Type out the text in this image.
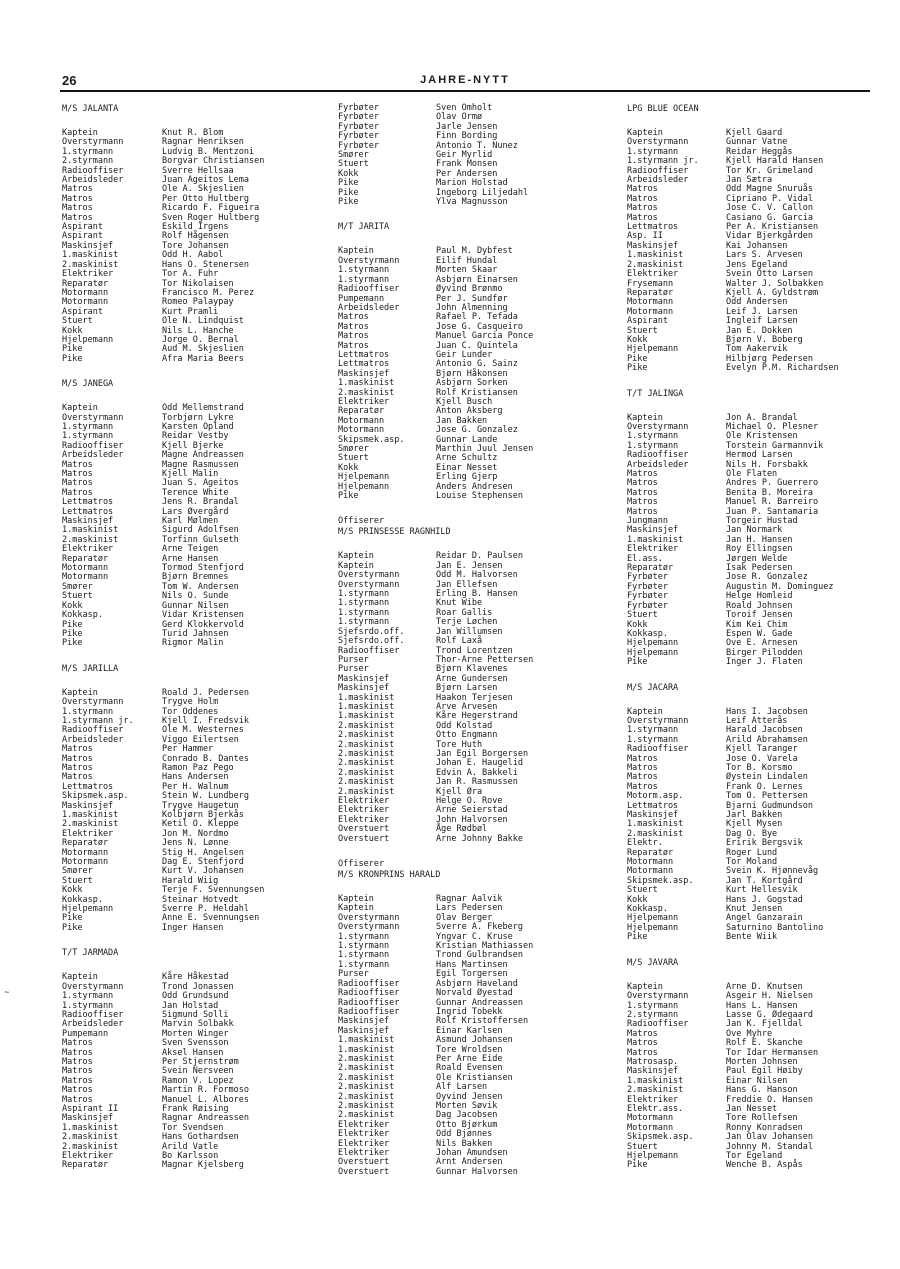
26	JAHRE-NYTT
~
M/S JALANTA
Kaptein	Knut R. Blom
Overstyrmann	Ragnar Henriksen
1.styrmann	Ludvig B. Mentzoni
2.styrmann	Borgvar Christiansen
Radiooffiser	Sverre Hellsaa
Arbeidsleder	Juan Ageitos Lema
Matros	Ole A. Skjeslien
Matros	Per Otto Hultberg
Matros	Ricardo F. Figueira
Matros	Sven Roger Hultberg
Aspirant	Eskild Irgens
Aspirant	Rolf Hågensen
Maskinsjef	Tore Johansen
1.maskinist	Odd H. Aabol
2.maskinist	Hans O. Stenersen
Elektriker	Tor A. Fuhr
Reparatør	Tor Nikolaisen
Motormann	Francisco M. Perez
Motormann	Romeo Palaypay
Aspirant	Kurt Pramli
Stuert	Ole N. Lindquist
Kokk	Nils L. Hanche
Hjelpemann	Jorge O. Bernal
Pike	Aud M. Skjeslien
Pike	Afra Maria Beers
M/S JANEGA
Kaptein	Odd Mellemstrand
Overstyrmann	Torbjørn Lykre
1.styrmann	Karsten Opland
1.styrmann	Reidar Vestby
Radiooffiser	Kjell Bjerke
Arbeidsleder	Magne Andreassen
Matros	Magne Rasmussen
Matros	Kjell Malin
Matros	Juan S. Ageitos
Matros	Terence White
Lettmatros	Jens R. Brandal
Lettmatros	Lars Øvergård
Maskinsjef	Karl Mølmen
1.maskinist	Sigurd Adolfsen
2.maskinist	Torfinn Gulseth
Elektriker	Arne Teigen
Reparatør	Arne Hansen
Motormann	Tormod Stenfjord
Motormann	Bjørn Bremnes
Smører	Tom W. Andersen
Stuert	Nils O. Sunde
Kokk	Gunnar Nilsen
Kokkasp.	Vidar Kristensen
Pike	Gerd Klokkervold
Pike	Turid Jahnsen
Pike	Rigmor Malin
M/S JARILLA
Kaptein	Roald J. Pedersen
Overstyrmann	Trygve Holm
1.styrmann	Tor Oddenes
1.styrmann jr.	Kjell I. Fredsvik
Radiooffiser	Ole M. Westernes
Arbeidsleder	Viggo Eilertsen
Matros	Per Hammer
Matros	Conrado B. Dantes
Matros	Ramon Paz Pego
Matros	Hans Andersen
Lettmatros	Per H. Walnum
Skipsmek.asp.	Stein W. Lundberg
Maskinsjef	Trygve Haugetun
1.maskinist	Kolbjørn Bjerkås
2.maskinist	Ketil O. Kleppe
Elektriker	Jon M. Nordmo
Reparatør	Jens N. Lønne
Motormann	Stig H. Angelsen
Motormann	Dag E. Stenfjord
Smører	Kurt V. Johansen
Stuert	Harald Wiig
Kokk	Terje F. Svennungsen
Kokkasp.	Steinar Hotvedt
Hjelpemann	Sverre P. Heldahl
Pike	Anne E. Svennungsen
Pike	Inger Hansen
T/T JARMADA
Kaptein	Kåre Håkestad
Overstyrmann	Trond Jonassen
1.styrmann	Odd Grundsund
1.styrmann	Jan Holstad
Radiooffiser	Sigmund Solli
Arbeidsleder	Marvin Solbakk
Pumpemann	Morten Winger
Matros	Sven Svensson
Matros	Aksel Hansen
Matros	Per Stjernstrøm
Matros	Svein Nersveen
Matros	Ramon V. Lopez
Matros	Martin R. Formoso
Matros	Manuel L. Albores
Aspirant II	Frank Røising
Maskinsjef	Ragnar Andreassen
1.maskinist	Tor Svendsen
2.maskinist	Hans Gothardsen
2.maskinist	Arild Vatle
Elektriker	Bo Karlsson
Reparatør	Magnar Kjelsberg
Fyrbøter	Sven Omholt
Fyrbøter	Olav Ormø
Fyrbøter	Jarle Jensen
Fyrbøter	Finn Bording
Fyrbøter	Antonio T. Nunez
Smører	Geir Myrlid
Stuert	Frank Monsen
Kokk	Per Andersen
Pike	Marion Holstad
Pike	Ingeborg Liljedahl
Pike	Ylva Magnusson
M/T JARITA
Kaptein	Paul M. Dybfest
Overstyrmann	Eilif Hundal
1.styrmann	Morten Skaar
1.styrmann	Asbjørn Einarsen
Radiooffiser	Øyvind Brønmo
Pumpemann	Per J. Sundfør
Arbeidsleder	John Almenning
Matros	Rafael P. Tefada
Matros	Jose G. Casqueiro
Matros	Manuel Garcia Ponce
Matros	Juan C. Quintela
Lettmatros	Geir Lunder
Lettmatros	Antonio G. Sainz
Maskinsjef	Bjørn Håkonsen
1.maskinist	Asbjørn Sorken
2.maskinist	Rolf Kristiansen
Elektriker	Kjell Busch
Reparatør	Anton Aksberg
Motormann	Jan Bakken
Motormann	Jose G. Gonzalez
Skipsmek.asp.	Gunnar Lande
Smører	Marthin Juul Jensen
Stuert	Arne Schultz
Kokk	Einar Nesset
Hjelpemann	Erling Gjerp
Hjelpemann	Anders Andresen
Pike	Louise Stephensen
Offiserer
M/S PRINSESSE RAGNHILD
Kaptein	Reidar D. Paulsen
Kaptein	Jan E. Jensen
Overstyrmann	Odd M. Halvorsen
Overstyrmann	Jan Ellefsen
1.styrmann	Erling B. Hansen
1.styrmann	Knut Wibe
1.styrmann	Roar Gallis
1.styrmann	Terje Løchen
Sjefsrdo.off.	Jan Willumsen
Sjefsrdo.off.	Rolf Laxå
Radiooffiser	Trond Lorentzen
Purser	Thor-Arne Pettersen
Purser	Bjørn Klavenes
Maskinsjef	Arne Gundersen
Maskinsjef	Bjørn Larsen
1.maskinist	Haakon Terjesen
1.maskinist	Arve Arvesen
1.maskinist	Kåre Hegerstrand
2.maskinist	Odd Kolstad
2.maskinist	Otto Engmann
2.maskinist	Tore Huth
2.maskinist	Jan Egil Borgersen
2.maskinist	Johan E. Haugelid
2.maskinist	Edvin A. Bakkeli
2.maskinist	Jan R. Rasmussen
2.maskinist	Kjell Øra
Elektriker	Helge O. Rove
Elektriker	Arne Seierstad
Elektriker	John Halvorsen
Overstuert	Åge Rødbøl
Overstuert	Arne Johnny Bakke
Offiserer
M/S KRONPRINS HARALD
Kaptein	Ragnar Aalvik
Kaptein	Lars Pedersen
Overstyrmann	Olav Berger
Overstyrmann	Sverre A. Fkeberg
1.styrmann	Yngvar C. Kruse
1.styrmann	Kristian Mathiassen
1.styrmann	Trond Gulbrandsen
1.styrmann	Hans Martinsen
Purser	Egil Torgersen
Radiooffiser	Asbjørn Haveland
Radiooffiser	Norvald Øyestad
Radiooffiser	Gunnar Andreassen
Radiooffiser	Ingrid Tobekk
Maskinsjef	Rolf Kristoffersen
Maskinsjef	Einar Karlsen
1.maskinist	Asmund Johansen
1.maskinist	Tore Wroldsen
2.maskinist	Per Arne Eide
2.maskinist	Roald Evensen
2.maskinist	Ole Kristiansen
2.maskinist	Alf Larsen
2.maskinist	Oyvind Jensen
2.maskinist	Morten Søvik
2.maskinist	Dag Jacobsen
Elektriker	Otto Bjørkum
Elektriker	Odd Bjønnes
Elektriker	Nils Bakken
Elektriker	Johan Amundsen
Overstuert	Arnt Andersen
Overstuert	Gunnar Halvorsen
LPG BLUE OCEAN
Kaptein	Kjell Gaard
Overstyrmann	Gunnar Vatne
1.styrmann	Reidar Heggås
1.styrmann jr.	Kjell Harald Hansen
Radiooffiser	Tor Kr. Grimeland
Arbeidsleder	Jan Sætra
Matros	Odd Magne Snuruås
Matros	Cipriano P. Vidal
Matros	Jose C. V. Callon
Matros	Casiano G. Garcia
Lettmatros	Per A. Kristiansen
Asp. II	Vidar Bjerkgården
Maskinsjef	Kai Johansen
1.maskinist	Lars S. Arvesen
2.maskinist	Jens Egeland
Elektriker	Svein Otto Larsen
Frysemann	Walter J. Solbakken
Reparatør	Kjell A. Gyldstrøm
Motormann	Odd Andersen
Motormann	Leif J. Larsen
Aspirant	Ingleif Larsen
Stuert	Jan E. Dokken
Kokk	Bjørn V. Boberg
Hjelpemann	Tom Aakervik
Pike	Hilbjørg Pedersen
Pike	Evelyn P.M. Richardsen
T/T JALINGA
Kaptein	Jon A. Brandal
Overstyrmann	Michael O. Plesner
1.styrmann	Ole Kristensen
1.styrmann	Torstein Garmannvik
Radiooffiser	Hermod Larsen
Arbeidsleder	Nils H. Forsbakk
Matros	Ole Flaten
Matros	Andres P. Guerrero
Matros	Benita B. Moreira
Matros	Manuel R. Barreiro
Matros	Juan P. Santamaria
Jungmann	Torgeir Hustad
Maskinsjef	Jan Normark
1.maskinist	Jan H. Hansen
Elektriker	Roy Ellingsen
El.ass.	Jørgen Welde
Reparatør	Isak Pedersen
Fyrbøter	Jose R. Gonzalez
Fyrbøter	Augustin M. Dominguez
Fyrbøter	Helge Homleid
Fyrbøter	Roald Johnsen
Stuert	Toroif Jensen
Kokk	Kim Kei Chim
Kokkasp.	Espen W. Gade
Hjelpemann	Ove E. Arnesen
Hjelpemann	Birger Pilodden
Pike	Inger J. Flaten
M/S JACARA
Kaptein	Hans I. Jacobsen
Overstyrmann	Leif Atterås
1.styrmann	Harald Jacobsen
1.styrmann	Arild Abrahamsen
Radiooffiser	Kjell Taranger
Matros	Jose O. Varela
Matros	Tor B. Korsmo
Matros	Øystein Lindalen
Matros	Frank O. Lernes
Motorm.asp.	Tom O. Pettersen
Lettmatros	Bjarni Gudmundson
Maskinsjef	Jarl Bakken
1.maskinist	Kjell Mysen
2.maskinist	Dag O. Bye
Elektr.	Eririk Bergsvik
Reparatør	Roger Lund
Motormann	Tor Moland
Motormann	Svein K. Hjønnevåg
Skipsmek.asp.	Jan T. Kortgård
Stuert	Kurt Hellesvik
Kokk	Hans J. Gogstad
Kokkasp.	Knut Jensen
Hjelpemann	Angel Ganzarain
Hjelpemann	Saturnino Bantolino
Pike	Bente Wiik
M/S JAVARA
Kaptein	Arne D. Knutsen
Overstyrmann	Asgeir H. Nielsen
1.styrmann	Hans L. Hansen
2.styrmann	Lasse G. Ødegaard
Radiooffiser	Jan K. Fjelldal
Matros	Ove Myhre
Matros	Rolf E. Skanche
Matros	Tor Idar Hermansen
Matrosasp.	Morten Johnsen
Maskinsjef	Paul Egil Høiby
1.maskinist	Einar Nilsen
2.maskinist	Hans G. Hanson
Elektriker	Freddie O. Hansen
Elektr.ass.	Jan Nesset
Motormann	Tore Rollefsen
Motormann	Ronny Konradsen
Skipsmek.asp.	Jan Olav Johansen
Stuert	Johnny M. Standal
Hjelpemann	Tor Egeland
Pike	Wenche B. Aspås
